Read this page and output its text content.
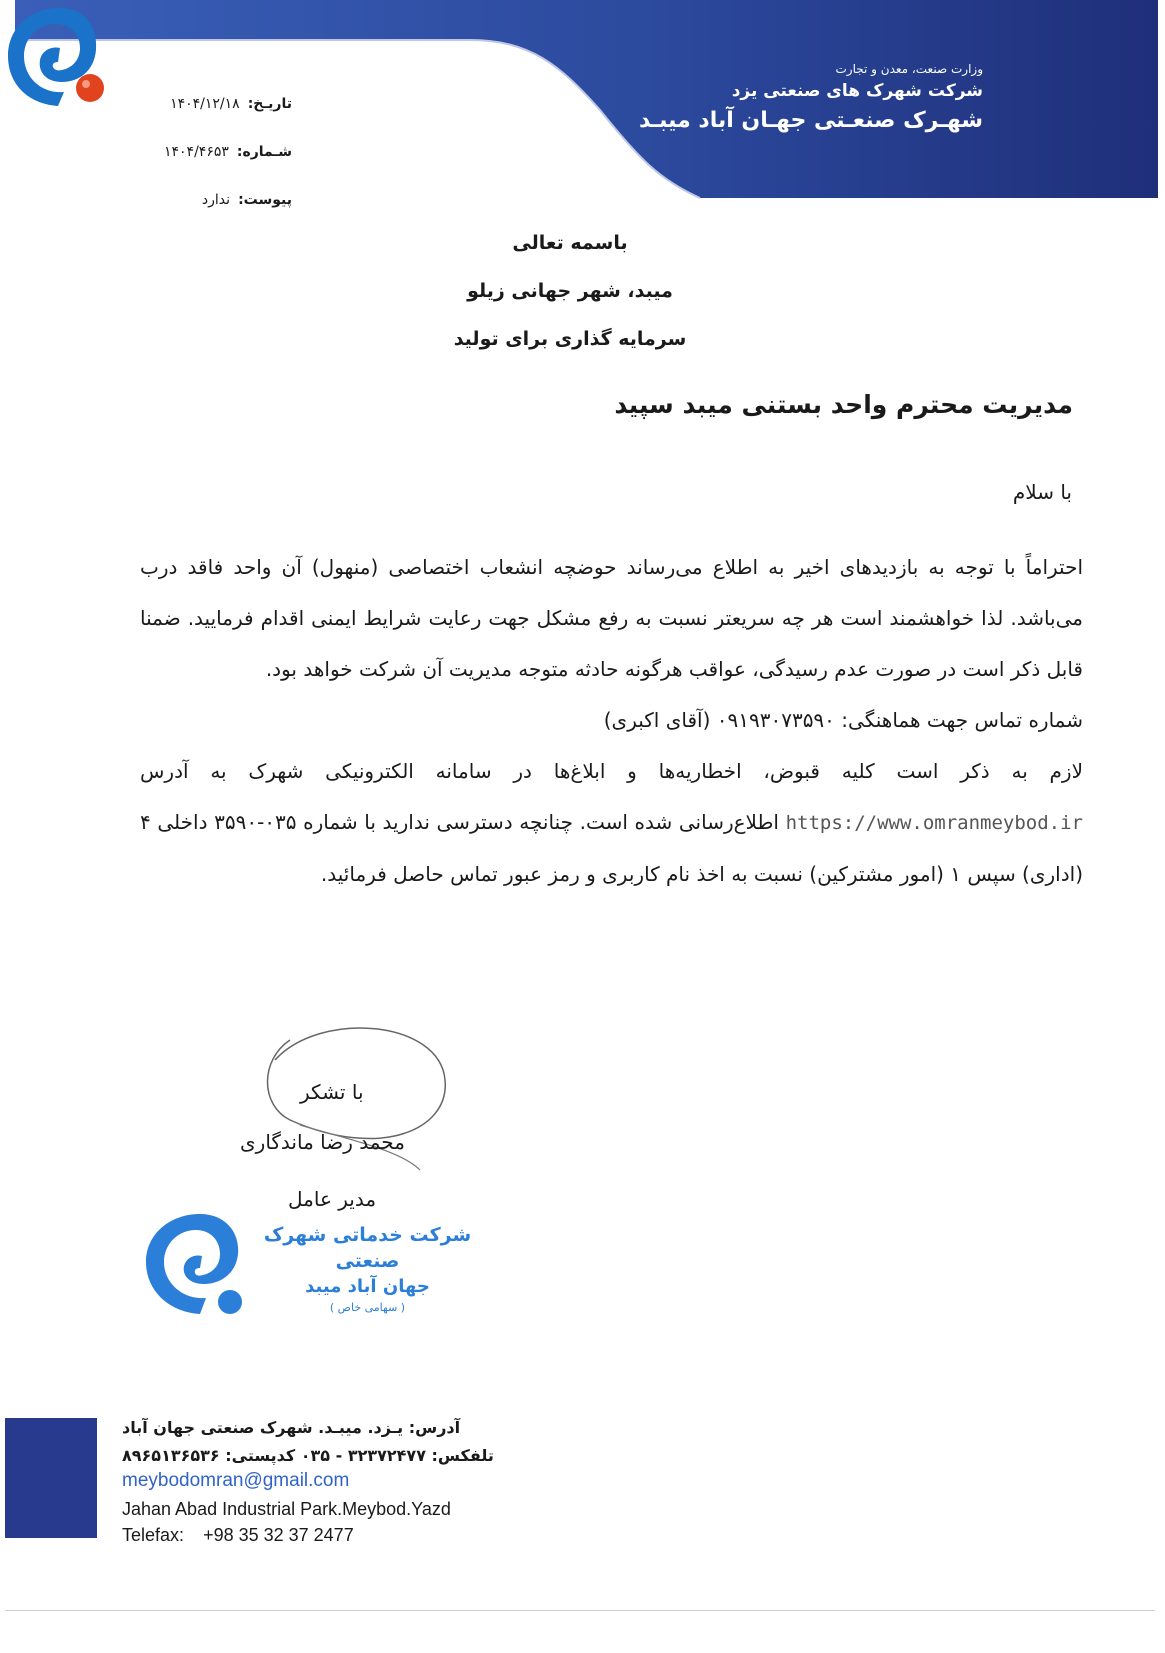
وزارت صنعت، معدن و تجارت
شرکت شهرک های صنعتی یزد
شهـرک صنعـتی جهـان آباد میبـد
تاریـخ:
۱۴۰۴/۱۲/۱۸
شـماره:
۱۴۰۴/۴۶۵۳
پیوست:
ندارد
باسمه تعالی
میبد، شهر جهانی زیلو
سرمایه گذاری برای تولید
مدیریت محترم واحد بستنی میبد سپید
با سلام

احتراماً با توجه به بازدیدهای اخیر به اطلاع می‌رساند حوضچه انشعاب اختصاصی (منهول) آن واحد فاقد درب می‌باشد. لذا خواهشمند است هر چه سریعتر نسبت به رفع مشکل جهت رعایت شرایط ایمنی اقدام فرمایید. ضمنا قابل ذکر است در صورت عدم رسیدگی، عواقب هرگونه حادثه متوجه مدیریت آن شرکت خواهد بود.

شماره تماس جهت هماهنگی: ۰۹۱۹۳۰۷۳۵۹۰ (آقای اکبری)

لازم به ذکر است کلیه قبوض، اخطاریه‌ها و ابلاغ‌ها در سامانه الکترونیکی شهرک به آدرس https://www.omranmeybod.ir اطلاع‌رسانی شده است. چنانچه دسترسی ندارید با شماره ۰۳۵-۳۵۹۰ داخلی ۴ (اداری) سپس ۱ (امور مشترکین) نسبت به اخذ نام کاربری و رمز عبور تماس حاصل فرمائید.

با تشکر
محمد رضا ماندگاری
مدیر عامل
شرکت خدماتی شهرک صنعتی
جهان آباد میبد
( سهامی خاص )
آدرس: یـزد. میبـد. شهرک صنعتی جهان آباد
تلفکس: ۳۲۳۷۲۴۷۷ - ۰۳۵ کدپستی: ۸۹۶۵۱۳۶۵۳۶
meybodomran@gmail.com
Jahan Abad Industrial Park.Meybod.Yazd
Telefax: +98 35 32 37 2477
